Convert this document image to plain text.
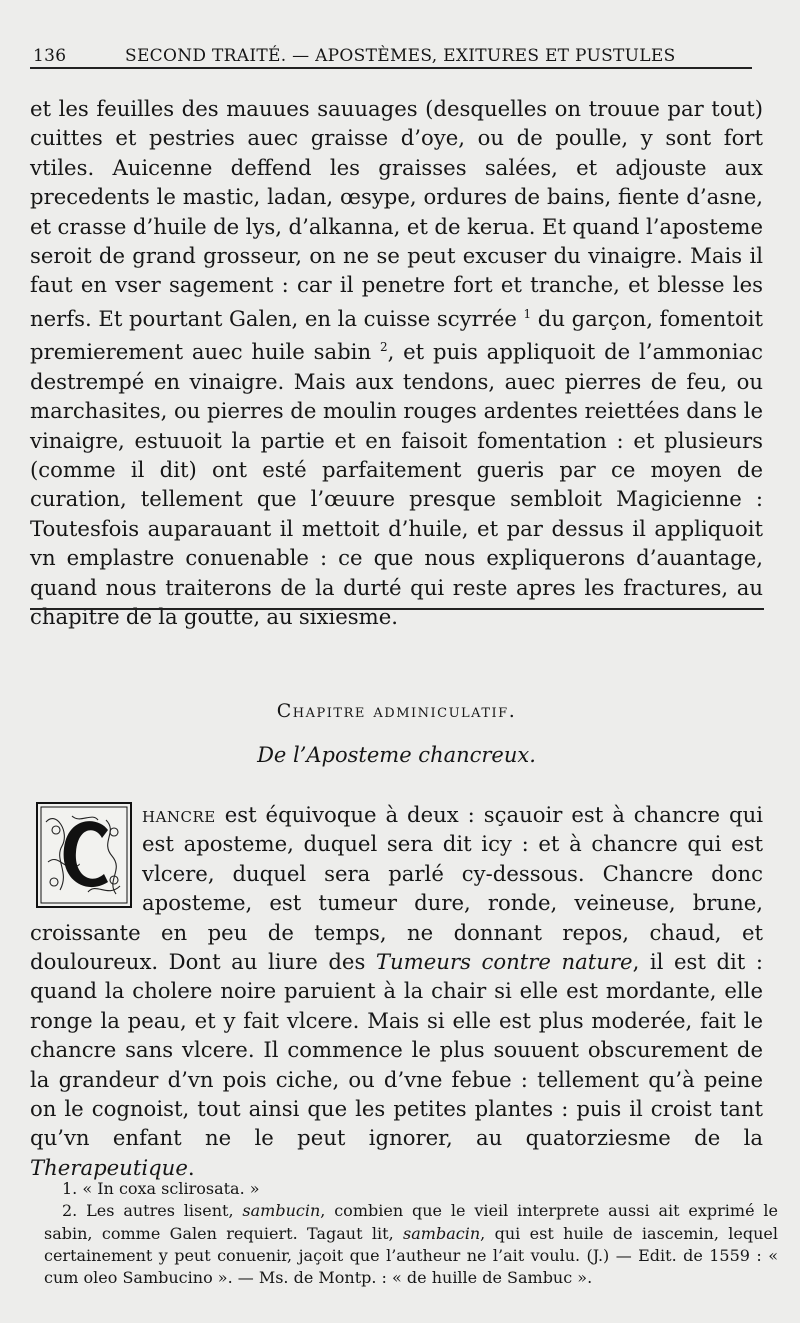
136	SECOND TRAITÉ. — APOSTÈMES, EXITURES ET PUSTULES
et les feuilles des mauues sauuages (desquelles on trouue par tout) cuittes et pestries auec graisse d’oye, ou de poulle, y sont fort vtiles. Auicenne deffend les graisses salées, et adjouste aux precedents le mastic, ladan, œsype, ordures de bains, fiente d’asne, et crasse d’huile de lys, d’alkanna, et de kerua. Et quand l’aposteme seroit de grand grosseur, on ne se peut excuser du vinaigre. Mais il faut en vser sagement : car il penetre fort et tranche, et blesse les nerfs. Et pourtant Galen, en la cuisse scyrrée $^1$ du garçon, fomentoit premierement auec huile sabin $^2$, et puis appliquoit de l’ammoniac destrempé en vinaigre. Mais aux tendons, auec pierres de feu, ou marchasites, ou pierres de moulin rouges ardentes reiettées dans le vinaigre, estuuoit la partie et en faisoit fomentation : et plusieurs (comme il dit) ont esté parfaitement gueris par ce moyen de curation, tellement que l’œuure presque sembloit Magicienne : Toutesfois auparauant il mettoit d’huile, et par dessus il appliquoit vn emplastre conuenable : ce que nous expliquerons d’auantage, quand nous traiterons de la durté qui reste apres les fractures, au chapitre de la goutte, au sixiesme.
Chapitre adminiculatif.
De l’Aposteme chancreux.
hancre est équivoque à deux : sçauoir est à chancre qui est aposteme, duquel sera dit icy : et à chancre qui est vlcere, duquel sera parlé cy-dessous. Chancre donc aposteme, est tumeur dure, ronde, veineuse, brune, croissante en peu de temps, ne donnant repos, chaud, et douloureux. Dont au liure des Tumeurs contre nature, il est dit : quand la cholere noire paruient à la chair si elle est mordante, elle ronge la peau, et y fait vlcere. Mais si elle est plus moderée, fait le chancre sans vlcere. Il commence le plus souuent obscurement de la grandeur d’vn pois ciche, ou d’vne febue : tellement qu’à peine on le cognoist, tout ainsi que les petites plantes : puis il croist tant qu’vn enfant ne le peut ignorer, au quatorziesme de la Therapeutique.

1. « In coxa sclirosata. »

2. Les autres lisent, sambucin, combien que le vieil interprete aussi ait exprimé le sabin, comme Galen requiert. Tagaut lit, sambacin, qui est huile de iascemin, lequel certainement y peut conuenir, jaçoit que l’autheur ne l’ait voulu. (J.) — Edit. de 1559 : « cum oleo Sambucino ». — Ms. de Montp. : « de huille de Sambuc ».
